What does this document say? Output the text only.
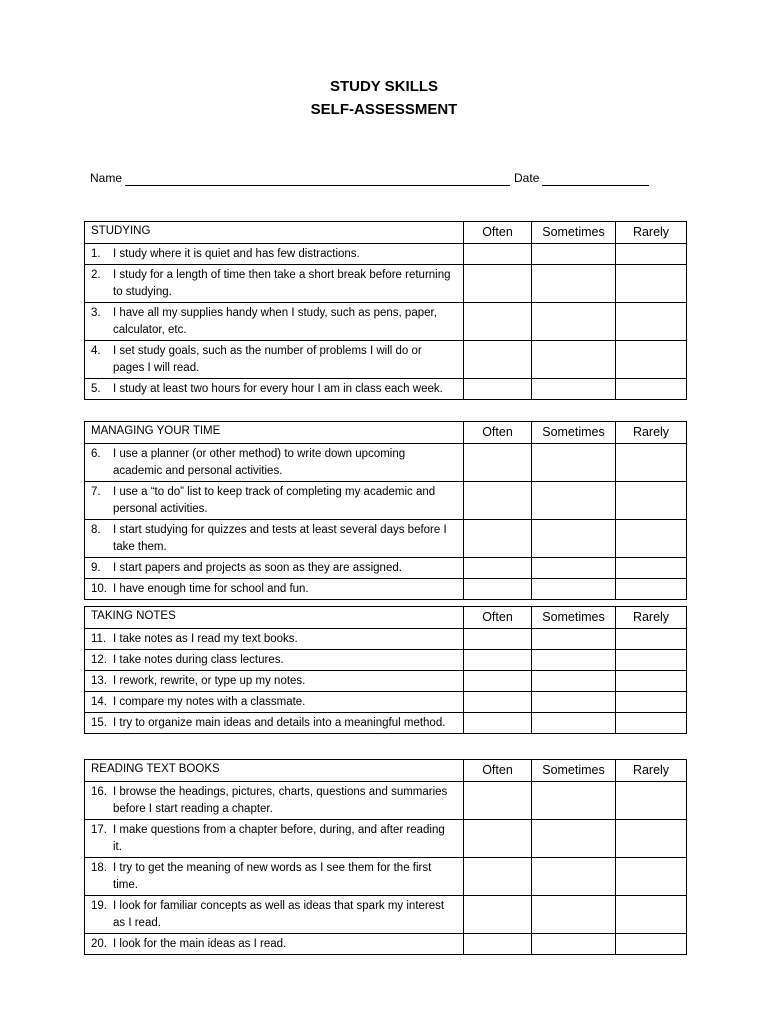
STUDY SKILLS
SELF-ASSESSMENT
Name	Date
STUDYING	Often	Sometimes	Rarely
1. I study where it is quiet and has few distractions.			
2. I study for a length of time then take a short break before returning to studying.			
3. I have all my supplies handy when I study, such as pens, paper, calculator, etc.			
4. I set study goals, such as the number of problems I will do or pages I will read.			
5. I study at least two hours for every hour I am in class each week.			
MANAGING YOUR TIME	Often	Sometimes	Rarely
6. I use a planner (or other method) to write down upcoming academic and personal activities.			
7. I use a “to do” list to keep track of completing my academic and personal activities.			
8. I start studying for quizzes and tests at least several days before I take them.			
9. I start papers and projects as soon as they are assigned.			
10. I have enough time for school and fun.			
TAKING NOTES	Often	Sometimes	Rarely
11. I take notes as I read my text books.			
12. I take notes during class lectures.			
13. I rework, rewrite, or type up my notes.			
14. I compare my notes with a classmate.			
15. I try to organize main ideas and details into a meaningful method.			
READING TEXT BOOKS	Often	Sometimes	Rarely
16. I browse the headings, pictures, charts, questions and summaries before I start reading a chapter.			
17. I make questions from a chapter before, during, and after reading it.			
18. I try to get the meaning of new words as I see them for the first time.			
19. I look for familiar concepts as well as ideas that spark my interest as I read.			
20. I look for the main ideas as I read.			
